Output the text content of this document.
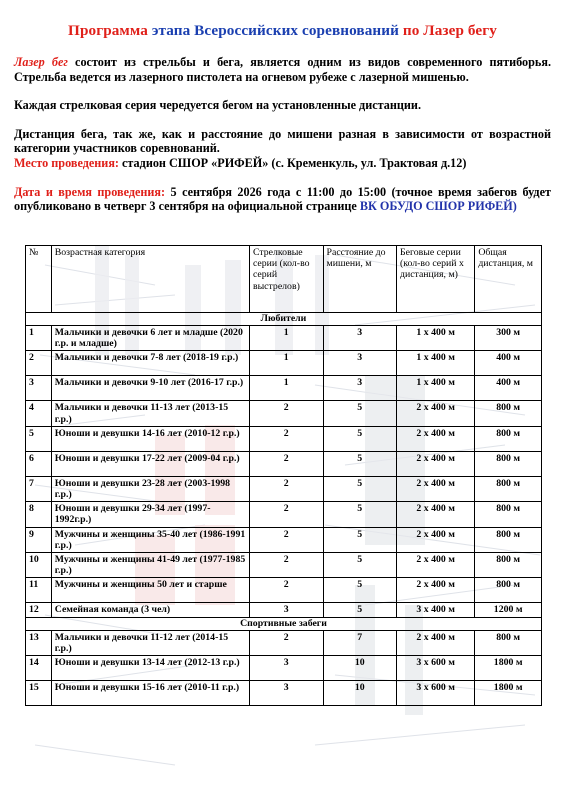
Программа этапа Всероссийских соревнований по Лазер бегу

Лазер бег состоит из стрельбы и бега, является одним из видов современного пятиборья. Стрельба ведется из лазерного пистолета на огневом рубеже с лазерной мишенью.

Каждая стрелковая серия чередуется бегом на установленные дистанции.

Дистанция бега, так же, как и расстояние до мишени разная в зависимости от возрастной категории участников соревнований.
Место проведения: стадион СШОР «РИФЕЙ» (с. Кременкуль, ул. Трактовая д.12)

Дата и время проведения: 5 сентября 2026 года с 11:00 до 15:00 (точное время забегов будет опубликовано в четверг 3 сентября на официальной странице ВК ОБУДО СШОР РИФЕЙ)

№	Возрастная категория	Стрелковые серии (кол-во серий выстрелов)	Расстояние до мишени, м	Беговые серии (кол-во серий х дистанция, м)	Общая дистанция, м
Любители					
1	Мальчики и девочки 6 лет и младше (2020 г.р. и младше)	1	3	1 х 400 м	300 м
2	Мальчики и девочки 7-8 лет (2018-19 г.р.)	1	3	1 х 400 м	400 м
3	Мальчики и девочки 9-10 лет (2016-17 г.р.)	1	3	1 х 400 м	400 м
4	Мальчики и девочки 11-13 лет (2013-15 г.р.)	2	5	2 х 400 м	800 м
5	Юноши и девушки 14-16 лет (2010-12 г.р.)	2	5	2 х 400 м	800 м
6	Юноши и девушки 17-22 лет (2009-04 г.р.)	2	5	2 х 400 м	800 м
7	Юноши и девушки 23-28 лет (2003-1998 г.р.)	2	5	2 х 400 м	800 м
8	Юноши и девушки 29-34 лет (1997-1992г.р.)	2	5	2 х 400 м	800 м
9	Мужчины и женщины 35-40 лет (1986-1991 г.р.)	2	5	2 х 400 м	800 м
10	Мужчины и женщины 41-49 лет (1977-1985 г.р.)	2	5	2 х 400 м	800 м
11	Мужчины и женщины 50 лет и старше	2	5	2 х 400 м	800 м
12	Семейная команда (3 чел)	3	5	3 х 400 м	1200 м
Спортивные забеги					
13	Мальчики и девочки 11-12 лет (2014-15 г.р.)	2	7	2 х 400 м	800 м
14	Юноши и девушки 13-14 лет (2012-13 г.р.)	3	10	3 х 600 м	1800 м
15	Юноши и девушки 15-16 лет (2010-11 г.р.)	3	10	3 х 600 м	1800 м
